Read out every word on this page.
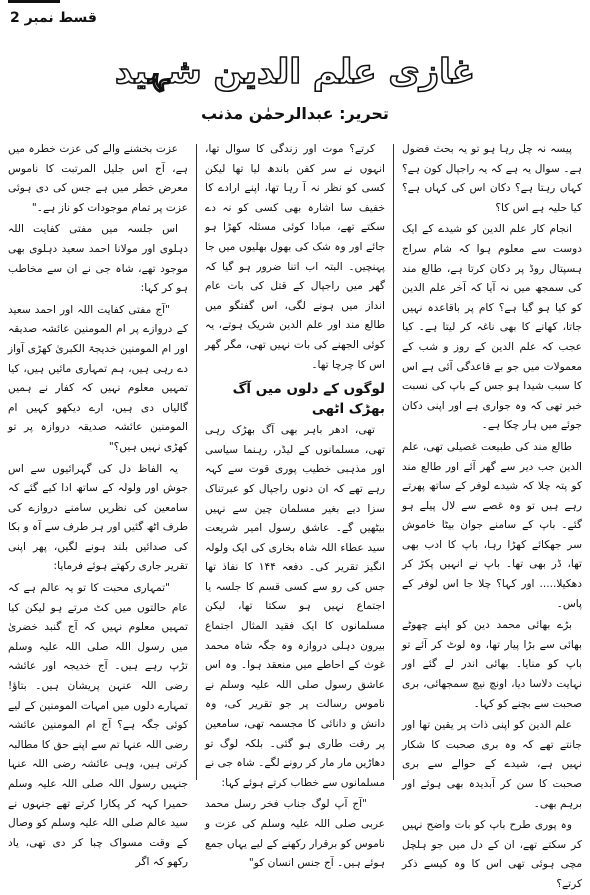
قسط نمبر 2
غازی علم الدین شہید
تحریر: عبدالرحمٰن مذنب

پیسہ نہ چل رہا ہو تو یہ بحث فضول ہے۔ سوال یہ ہے کہ یہ راجپال کون ہے؟ کہاں رہتا ہے؟ دکان اس کی کہاں ہے؟ کیا حلیہ ہے اس کا؟

انجام کار علم الدین کو شیدے کے ایک دوست سے معلوم ہوا کہ شام سراج ہسپتال روڈ پر دکان کرتا ہے، طالع مند کی سمجھ میں نہ آیا کہ آخر علم الدین کو کیا ہو گیا ہے؟ کام پر باقاعدہ نہیں جاتا، کھانے کا بھی ناغہ کر لیتا ہے۔ کیا عجب کہ علم الدین کے روز و شب کے معمولات میں جو بے قاعدگی آئی ہے اس کا سبب شیدا ہو جس کے باپ کی نسبت خبر تھی کہ وہ جواری ہے اور اپنی دکان جوئے میں ہار چکا ہے۔

طالع مند کی طبیعت غصیلی تھی، علم الدین جب دیر سے گھر آئے اور طالع مند کو پتہ چلا کہ شیدے لوفر کے ساتھ پھرتے رہے ہیں تو وہ غصے سے لال پیلے ہو گئے۔ باپ کے سامنے جوان بیٹا خاموش سر جھکائے کھڑا رہا، باپ کا ادب بھی تھا، ڈر بھی تھا۔ باپ نے انہیں پکڑ کر دھکیلا..... اور کہا؟ چلا جا اس لوفر کے پاس۔

بڑے بھائی محمد دین کو اپنے چھوٹے بھائی سے بڑا پیار تھا، وہ لوٹ کر آئے تو باپ کو منایا۔ بھائی اندر لے گئے اور نہایت دلاسا دیا، اونچ نیچ سمجھائی، بری صحبت سے بچنے کو کہا۔

علم الدین کو اپنی ذات پر یقین تھا اور جانتے تھے کہ وہ بری صحبت کا شکار نہیں ہے، شیدے کے حوالے سے بری صحبت کا سن کر آبدیدہ بھی ہوئے اور برہم بھی۔

وہ پوری طرح باپ کو بات واضح نہیں کر سکتے تھے، ان کے دل میں جو ہلچل مچی ہوئی تھی اس کا وہ کیسے ذکر کرتے؟

کرتے؟ موت اور زندگی کا سوال تھا، انہوں نے سر کفن باندھ لیا تھا لیکن کسی کو نظر نہ آ رہا تھا، اپنے ارادے کا خفیف سا اشارہ بھی کسی کو نہ دے سکتے تھے، مبادا کوئی مسئلہ کھڑا ہو جائے اور وہ شک کی بھول بھلیوں میں جا پہنچیں۔ البتہ اب اتنا ضرور ہو گیا کہ گھر میں راجپال کے قتل کی بات عام انداز میں ہونے لگی، اس گفتگو میں طالع مند اور علم الدین شریک ہوتے، یہ کوئی الجھنے کی بات نہیں تھی، مگر گھر اس کا چرچا تھا۔

لوگوں کے دلوں میں آگ بھڑک اٹھی

تھی، ادھر باہر بھی آگ بھڑک رہی تھی، مسلمانوں کے لیڈر، رہنما سیاسی اور مذہبی خطیب پوری قوت سے کہہ رہے تھے کہ ان دنوں راجپال کو عبرتناک سزا دیے بغیر مسلمان چین سے نہیں بیٹھیں گے۔ عاشق رسول امیر شریعت سید عطاء اللہ شاہ بخاری کی ایک ولولہ انگیز تقریر کی۔ دفعہ ۱۴۴ کا نفاذ تھا جس کی رو سے کسی قسم کا جلسہ یا اجتماع نہیں ہو سکتا تھا، لیکن مسلمانوں کا ایک فقید المثال اجتماع بیرون دہلی دروازہ وہ جگہ شاہ محمد غوث کے احاطے میں منعقد ہوا۔ وہ اس عاشق رسول صلی اللہ علیہ وسلم نے ناموس رسالت پر جو تقریر کی، وہ دانش و دانائی کا مجسمہ تھی، سامعین پر رقت طاری ہو گئی۔ بلکہ لوگ تو دھاڑیں مار مار کر رونے لگے۔ شاہ جی نے مسلمانوں سے خطاب کرتے ہوئے کہا:

"آج آپ لوگ جناب فخر رسل محمد عربی صلی اللہ علیہ وسلم کی عزت و ناموس کو برقرار رکھنے کے لیے یہاں جمع ہوئے ہیں۔ آج جنس انسان کو"

عزت بخشنے والے کی عزت خطرہ میں ہے، آج اس جلیل المرتبت کا ناموس معرض خطر میں ہے جس کی دی ہوئی عزت پر تمام موجودات کو ناز ہے۔"

اس جلسہ میں مفتی کفایت اللہ دہلوی اور مولانا احمد سعید دہلوی بھی موجود تھے، شاہ جی نے ان سے مخاطب ہو کر کہا:

"آج مفتی کفایت اللہ اور احمد سعید کے دروازے پر ام المومنین عائشہ صدیقہ اور ام المومنین خدیجۃ الکبریٰ کھڑی آواز دے رہی ہیں، ہم تمہاری مائیں ہیں، کیا تمہیں معلوم نہیں کہ کفار نے ہمیں گالیاں دی ہیں، ارے دیکھو کہیں ام المومنین عائشہ صدیقہ دروازہ پر تو کھڑی نہیں ہیں؟"

یہ الفاظ دل کی گہرائیوں سے اس جوش اور ولولہ کے ساتھ ادا کیے گئے کہ سامعین کی نظریں سامنے دروازے کی طرف اٹھ گئیں اور ہر طرف سے آہ و بکا کی صدائیں بلند ہونے لگیں، پھر اپنی تقریر جاری رکھتے ہوئے فرمایا:

"تمہاری محبت کا تو یہ عالم ہے کہ عام حالتوں میں کٹ مرتے ہو لیکن کیا تمہیں معلوم نہیں کہ آج گنبد خضریٰ میں رسول اللہ صلی اللہ علیہ وسلم تڑپ رہے ہیں۔ آج خدیجہ اور عائشہ رضی اللہ عنہن پریشان ہیں۔ بتاؤ! تمہارے دلوں میں امہات المومنین کے لیے کوئی جگہ ہے؟ آج ام المومنین عائشہ رضی اللہ عنہا تم سے اپنے حق کا مطالبہ کرتی ہیں، وہی عائشہ رضی اللہ عنہا جنہیں رسول اللہ صلی اللہ علیہ وسلم حمیرا کہہ کر پکارا کرتے تھے جنہوں نے سید عالم صلی اللہ علیہ وسلم کو وصال کے وقت مسواک چبا کر دی تھی، یاد رکھو کہ اگر
